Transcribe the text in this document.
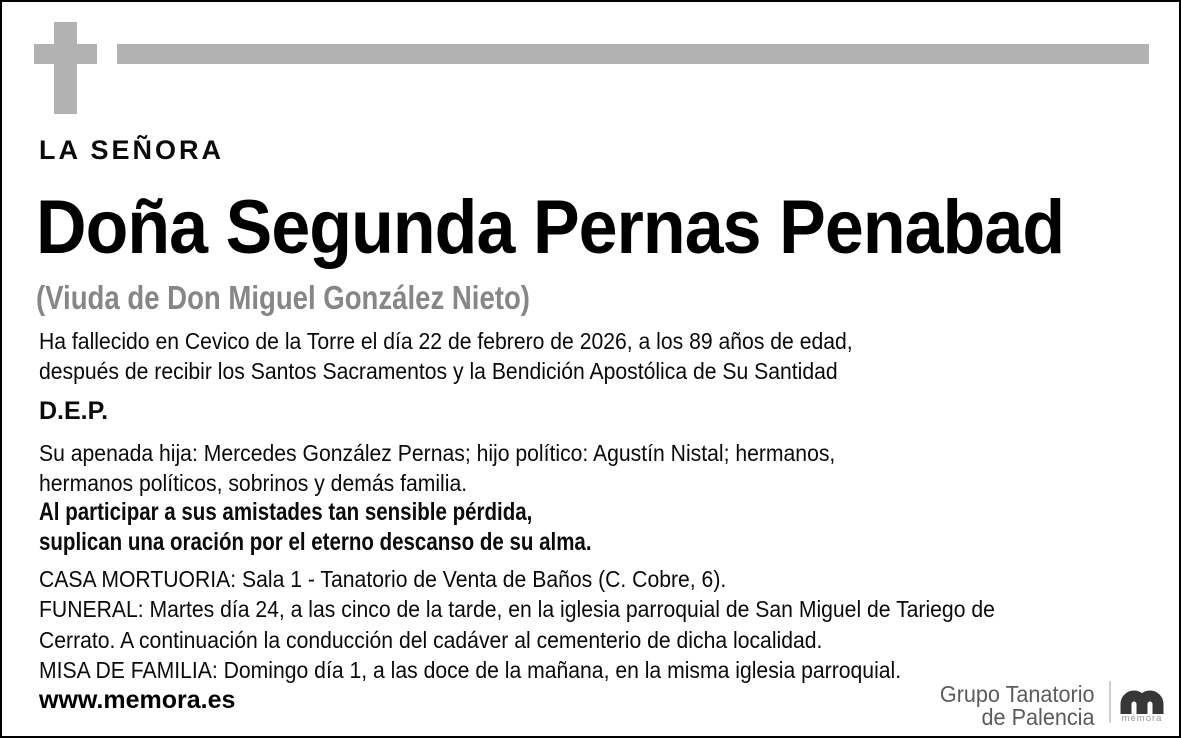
LA SEÑORA
Doña Segunda Pernas Penabad
(Viuda de Don Miguel González Nieto)
Ha fallecido en Cevico de la Torre el día 22 de febrero de 2026, a los 89 años de edad,
después de recibir los Santos Sacramentos y la Bendición Apostólica de Su Santidad
D.E.P.
Su apenada hija: Mercedes González Pernas; hijo político: Agustín Nistal; hermanos,
hermanos políticos, sobrinos y demás familia.
Al participar a sus amistades tan sensible pérdida,
suplican una oración por el eterno descanso de su alma.
CASA MORTUORIA: Sala 1 - Tanatorio de Venta de Baños (C. Cobre, 6).
FUNERAL: Martes día 24, a las cinco de la tarde, en la iglesia parroquial de San Miguel de Tariego de
Cerrato. A continuación la conducción del cadáver al cementerio de dicha localidad.
MISA DE FAMILIA: Domingo día 1, a las doce de la mañana, en la misma iglesia parroquial.
www.memora.es	Grupo Tanatorio
de Palencia	mémora
